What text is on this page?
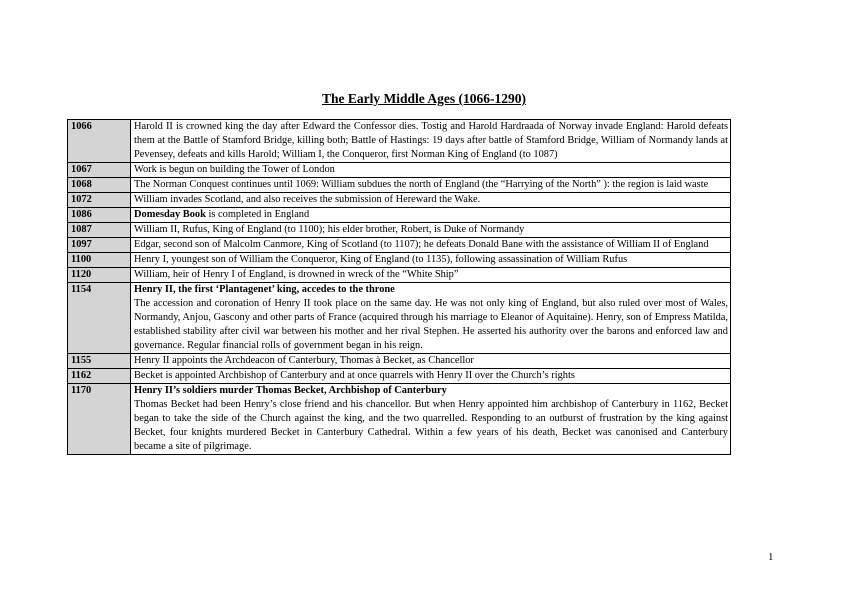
The Early Middle Ages (1066-1290)
1066	Harold II is crowned king the day after Edward the Confessor dies. Tostig and Harold Hardraada of Norway invade England: Harold defeats them at the Battle of Stamford Bridge, killing both; Battle of Hastings: 19 days after battle of Stamford Bridge, William of Normandy lands at Pevensey, defeats and kills Harold; William I, the Conqueror, first Norman King of England (to 1087)
1067	Work is begun on building the Tower of London
1068	The Norman Conquest continues until 1069: William subdues the north of England (the “Harrying of the North” ): the region is laid waste
1072	William invades Scotland, and also receives the submission of Hereward the Wake.
1086	Domesday Book is completed in England
1087	William II, Rufus, King of England (to 1100); his elder brother, Robert, is Duke of Normandy
1097	Edgar, second son of Malcolm Canmore, King of Scotland (to 1107); he defeats Donald Bane with the assistance of William II of England
1100	Henry I, youngest son of William the Conqueror, King of England (to 1135), following assassination of William Rufus
1120	William, heir of Henry I of England, is drowned in wreck of the “White Ship”
1154	Henry II, the first ‘Plantagenet’ king, accedes to the throne
The accession and coronation of Henry II took place on the same day. He was not only king of England, but also ruled over most of Wales, Normandy, Anjou, Gascony and other parts of France (acquired through his marriage to Eleanor of Aquitaine). Henry, son of Empress Matilda, established stability after civil war between his mother and her rival Stephen. He asserted his authority over the barons and enforced law and governance. Regular financial rolls of government began in his reign.
1155	Henry II appoints the Archdeacon of Canterbury, Thomas à Becket, as Chancellor
1162	Becket is appointed Archbishop of Canterbury and at once quarrels with Henry II over the Church’s rights
1170	Henry II’s soldiers murder Thomas Becket, Archbishop of Canterbury
Thomas Becket had been Henry’s close friend and his chancellor. But when Henry appointed him archbishop of Canterbury in 1162, Becket began to take the side of the Church against the king, and the two quarrelled. Responding to an outburst of frustration by the king against Becket, four knights murdered Becket in Canterbury Cathedral. Within a few years of his death, Becket was canonised and Canterbury became a site of pilgrimage.
1
